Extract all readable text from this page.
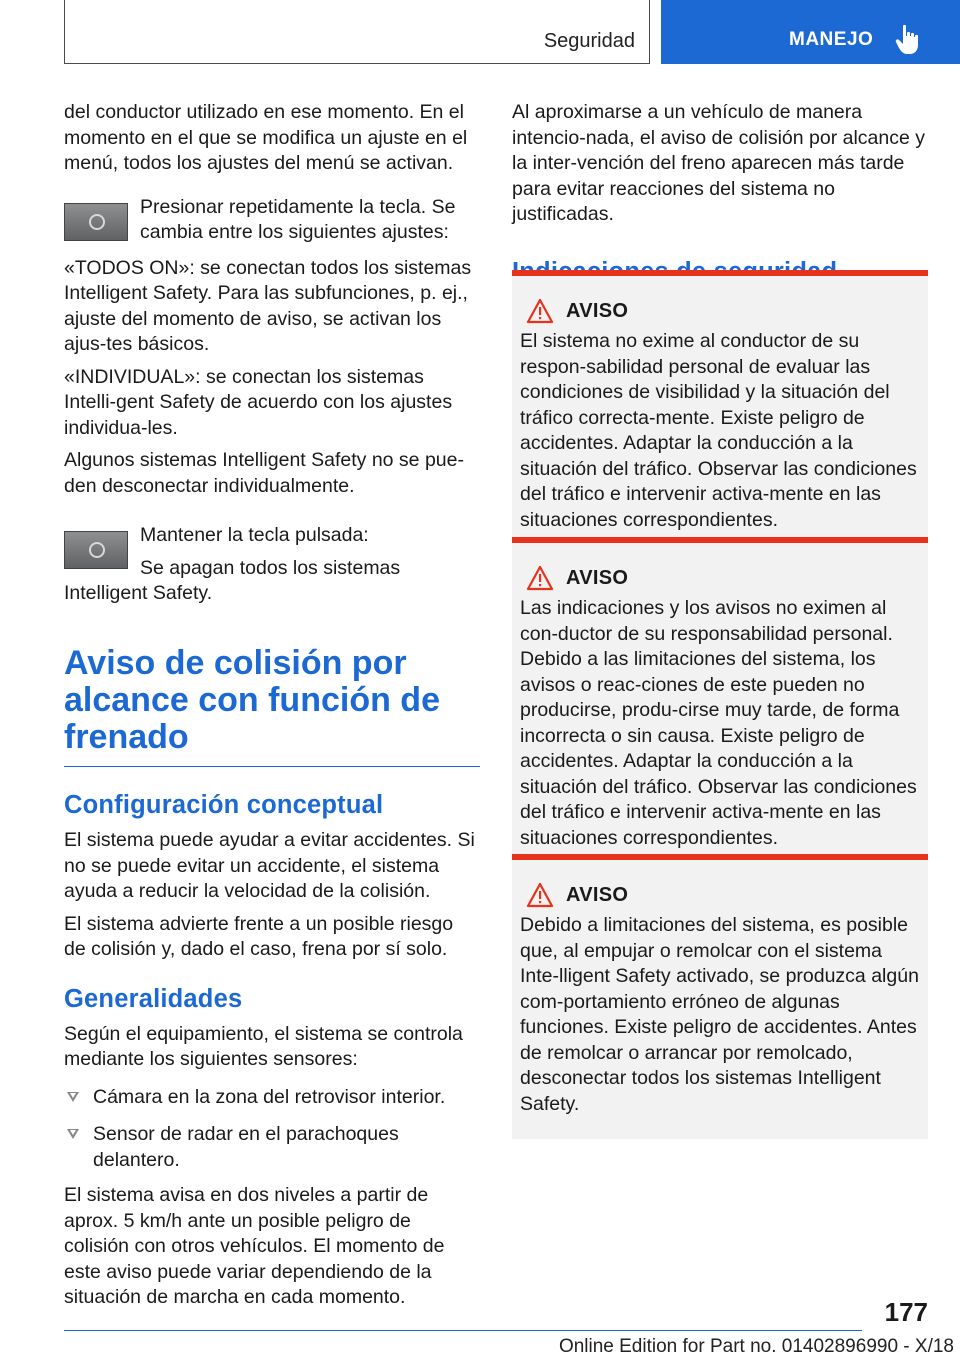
Seguridad	MANEJO

del conductor utilizado en ese momento. En el momento en el que se modifica un ajuste en el menú, todos los ajustes del menú se activan.

Presionar repetidamente la tecla. Se cambia entre los siguientes ajustes:

«TODOS ON»: se conectan todos los sistemas Intelligent Safety. Para las subfunciones, p. ej., ajuste del momento de aviso, se activan los ajus-tes básicos.

«INDIVIDUAL»: se conectan los sistemas Intelli-gent Safety de acuerdo con los ajustes individua-les.

Algunos sistemas Intelligent Safety no se pue-den desconectar individualmente.

Mantener la tecla pulsada:

Se apagan todos los sistemas Intelligent Safety.

Aviso de colisión por alcance con función de frenado
Configuración conceptual

El sistema puede ayudar a evitar accidentes. Si no se puede evitar un accidente, el sistema ayuda a reducir la velocidad de la colisión.

El sistema advierte frente a un posible riesgo de colisión y, dado el caso, frena por sí solo.

Generalidades

Según el equipamiento, el sistema se controla mediante los siguientes sensores:

Cámara en la zona del retrovisor interior.

Sensor de radar en el parachoques delantero.

El sistema avisa en dos niveles a partir de aprox. 5 km/h ante un posible peligro de colisión con otros vehículos. El momento de este aviso puede variar dependiendo de la situación de marcha en cada momento.

Al aproximarse a un vehículo de manera intencio-nada, el aviso de colisión por alcance y la inter-vención del freno aparecen más tarde para evitar reacciones del sistema no justificadas.

AVISO

El sistema no exime al conductor de su respon-sabilidad personal de evaluar las condiciones de visibilidad y la situación del tráfico correcta-mente. Existe peligro de accidentes. Adaptar la conducción a la situación del tráfico. Observar las condiciones del tráfico e intervenir activa-mente en las situaciones correspondientes.

AVISO

Las indicaciones y los avisos no eximen al con-ductor de su responsabilidad personal. Debido a las limitaciones del sistema, los avisos o reac-ciones de este pueden no producirse, produ-cirse muy tarde, de forma incorrecta o sin causa. Existe peligro de accidentes. Adaptar la conducción a la situación del tráfico. Observar las condiciones del tráfico e intervenir activa-mente en las situaciones correspondientes.

AVISO

Debido a limitaciones del sistema, es posible que, al empujar o remolcar con el sistema Inte-lligent Safety activado, se produzca algún com-portamiento erróneo de algunas funciones. Existe peligro de accidentes. Antes de remolcar o arrancar por remolcado, desconectar todos los sistemas Intelligent Safety.

177
Online Edition for Part no. 01402896990 - X/18
